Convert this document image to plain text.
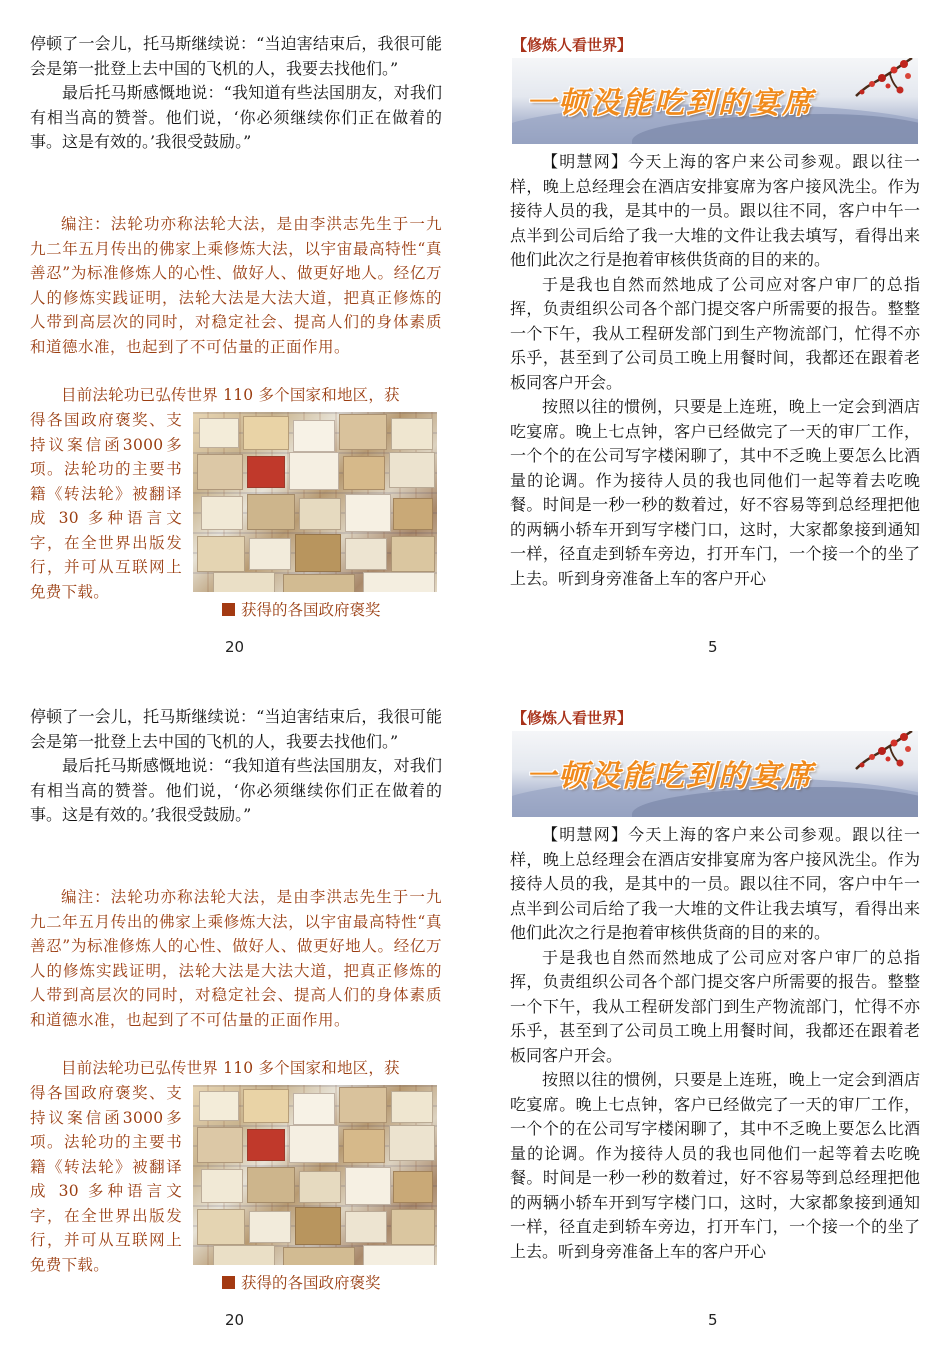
停顿了一会儿，托马斯继续说：“当迫害结束后，我很可能会是第一批登上去中国的飞机的人，我要去找他们。”

最后托马斯感慨地说：“我知道有些法国朋友，对我们有相当高的赞誉。他们说，‘你必须继续你们正在做着的事。这是有效的。’我很受鼓励。”

编注：法轮功亦称法轮大法，是由李洪志先生于一九九二年五月传出的佛家上乘修炼大法，以宇宙最高特性“真善忍”为标准修炼人的心性、做好人、做更好地人。经亿万人的修炼实践证明，法轮大法是大法大道，把真正修炼的人带到高层次的同时，对稳定社会、提高人们的身体素质和道德水准，也起到了不可估量的正面作用。

目前法轮功已弘传世界 110 多个国家和地区，获

得各国政府褒奖、支持议案信函3000多项。法轮功的主要书籍《转法轮》被翻译成 30 多种语言文字，在全世界出版发行，并可从互联网上免费下载。

获得的各国政府褒奖

20

【修炼人看世界】

一顿没能吃到的宴席

【明慧网】今天上海的客户来公司参观。跟以往一样，晚上总经理会在酒店安排宴席为客户接风洗尘。作为接待人员的我，是其中的一员。跟以往不同，客户中午一点半到公司后给了我一大堆的文件让我去填写，看得出来他们此次之行是抱着审核供货商的目的来的。

于是我也自然而然地成了公司应对客户审厂的总指挥，负责组织公司各个部门提交客户所需要的报告。整整一个下午，我从工程研发部门到生产物流部门，忙得不亦乐乎，甚至到了公司员工晚上用餐时间，我都还在跟着老板同客户开会。

按照以往的惯例，只要是上连班，晚上一定会到酒店吃宴席。晚上七点钟，客户已经做完了一天的审厂工作，一个个的在公司写字楼闲聊了，其中不乏晚上要怎么比酒量的论调。作为接待人员的我也同他们一起等着去吃晚餐。时间是一秒一秒的数着过，好不容易等到总经理把他的两辆小轿车开到写字楼门口，这时，大家都象接到通知一样，径直走到轿车旁边，打开车门，一个接一个的坐了上去。听到身旁准备上车的客户开心

5

停顿了一会儿，托马斯继续说：“当迫害结束后，我很可能会是第一批登上去中国的飞机的人，我要去找他们。”

最后托马斯感慨地说：“我知道有些法国朋友，对我们有相当高的赞誉。他们说，‘你必须继续你们正在做着的事。这是有效的。’我很受鼓励。”

编注：法轮功亦称法轮大法，是由李洪志先生于一九九二年五月传出的佛家上乘修炼大法，以宇宙最高特性“真善忍”为标准修炼人的心性、做好人、做更好地人。经亿万人的修炼实践证明，法轮大法是大法大道，把真正修炼的人带到高层次的同时，对稳定社会、提高人们的身体素质和道德水准，也起到了不可估量的正面作用。

目前法轮功已弘传世界 110 多个国家和地区，获

得各国政府褒奖、支持议案信函3000多项。法轮功的主要书籍《转法轮》被翻译成 30 多种语言文字，在全世界出版发行，并可从互联网上免费下载。

获得的各国政府褒奖

20

【修炼人看世界】

一顿没能吃到的宴席

【明慧网】今天上海的客户来公司参观。跟以往一样，晚上总经理会在酒店安排宴席为客户接风洗尘。作为接待人员的我，是其中的一员。跟以往不同，客户中午一点半到公司后给了我一大堆的文件让我去填写，看得出来他们此次之行是抱着审核供货商的目的来的。

于是我也自然而然地成了公司应对客户审厂的总指挥，负责组织公司各个部门提交客户所需要的报告。整整一个下午，我从工程研发部门到生产物流部门，忙得不亦乐乎，甚至到了公司员工晚上用餐时间，我都还在跟着老板同客户开会。

按照以往的惯例，只要是上连班，晚上一定会到酒店吃宴席。晚上七点钟，客户已经做完了一天的审厂工作，一个个的在公司写字楼闲聊了，其中不乏晚上要怎么比酒量的论调。作为接待人员的我也同他们一起等着去吃晚餐。时间是一秒一秒的数着过，好不容易等到总经理把他的两辆小轿车开到写字楼门口，这时，大家都象接到通知一样，径直走到轿车旁边，打开车门，一个接一个的坐了上去。听到身旁准备上车的客户开心

5
